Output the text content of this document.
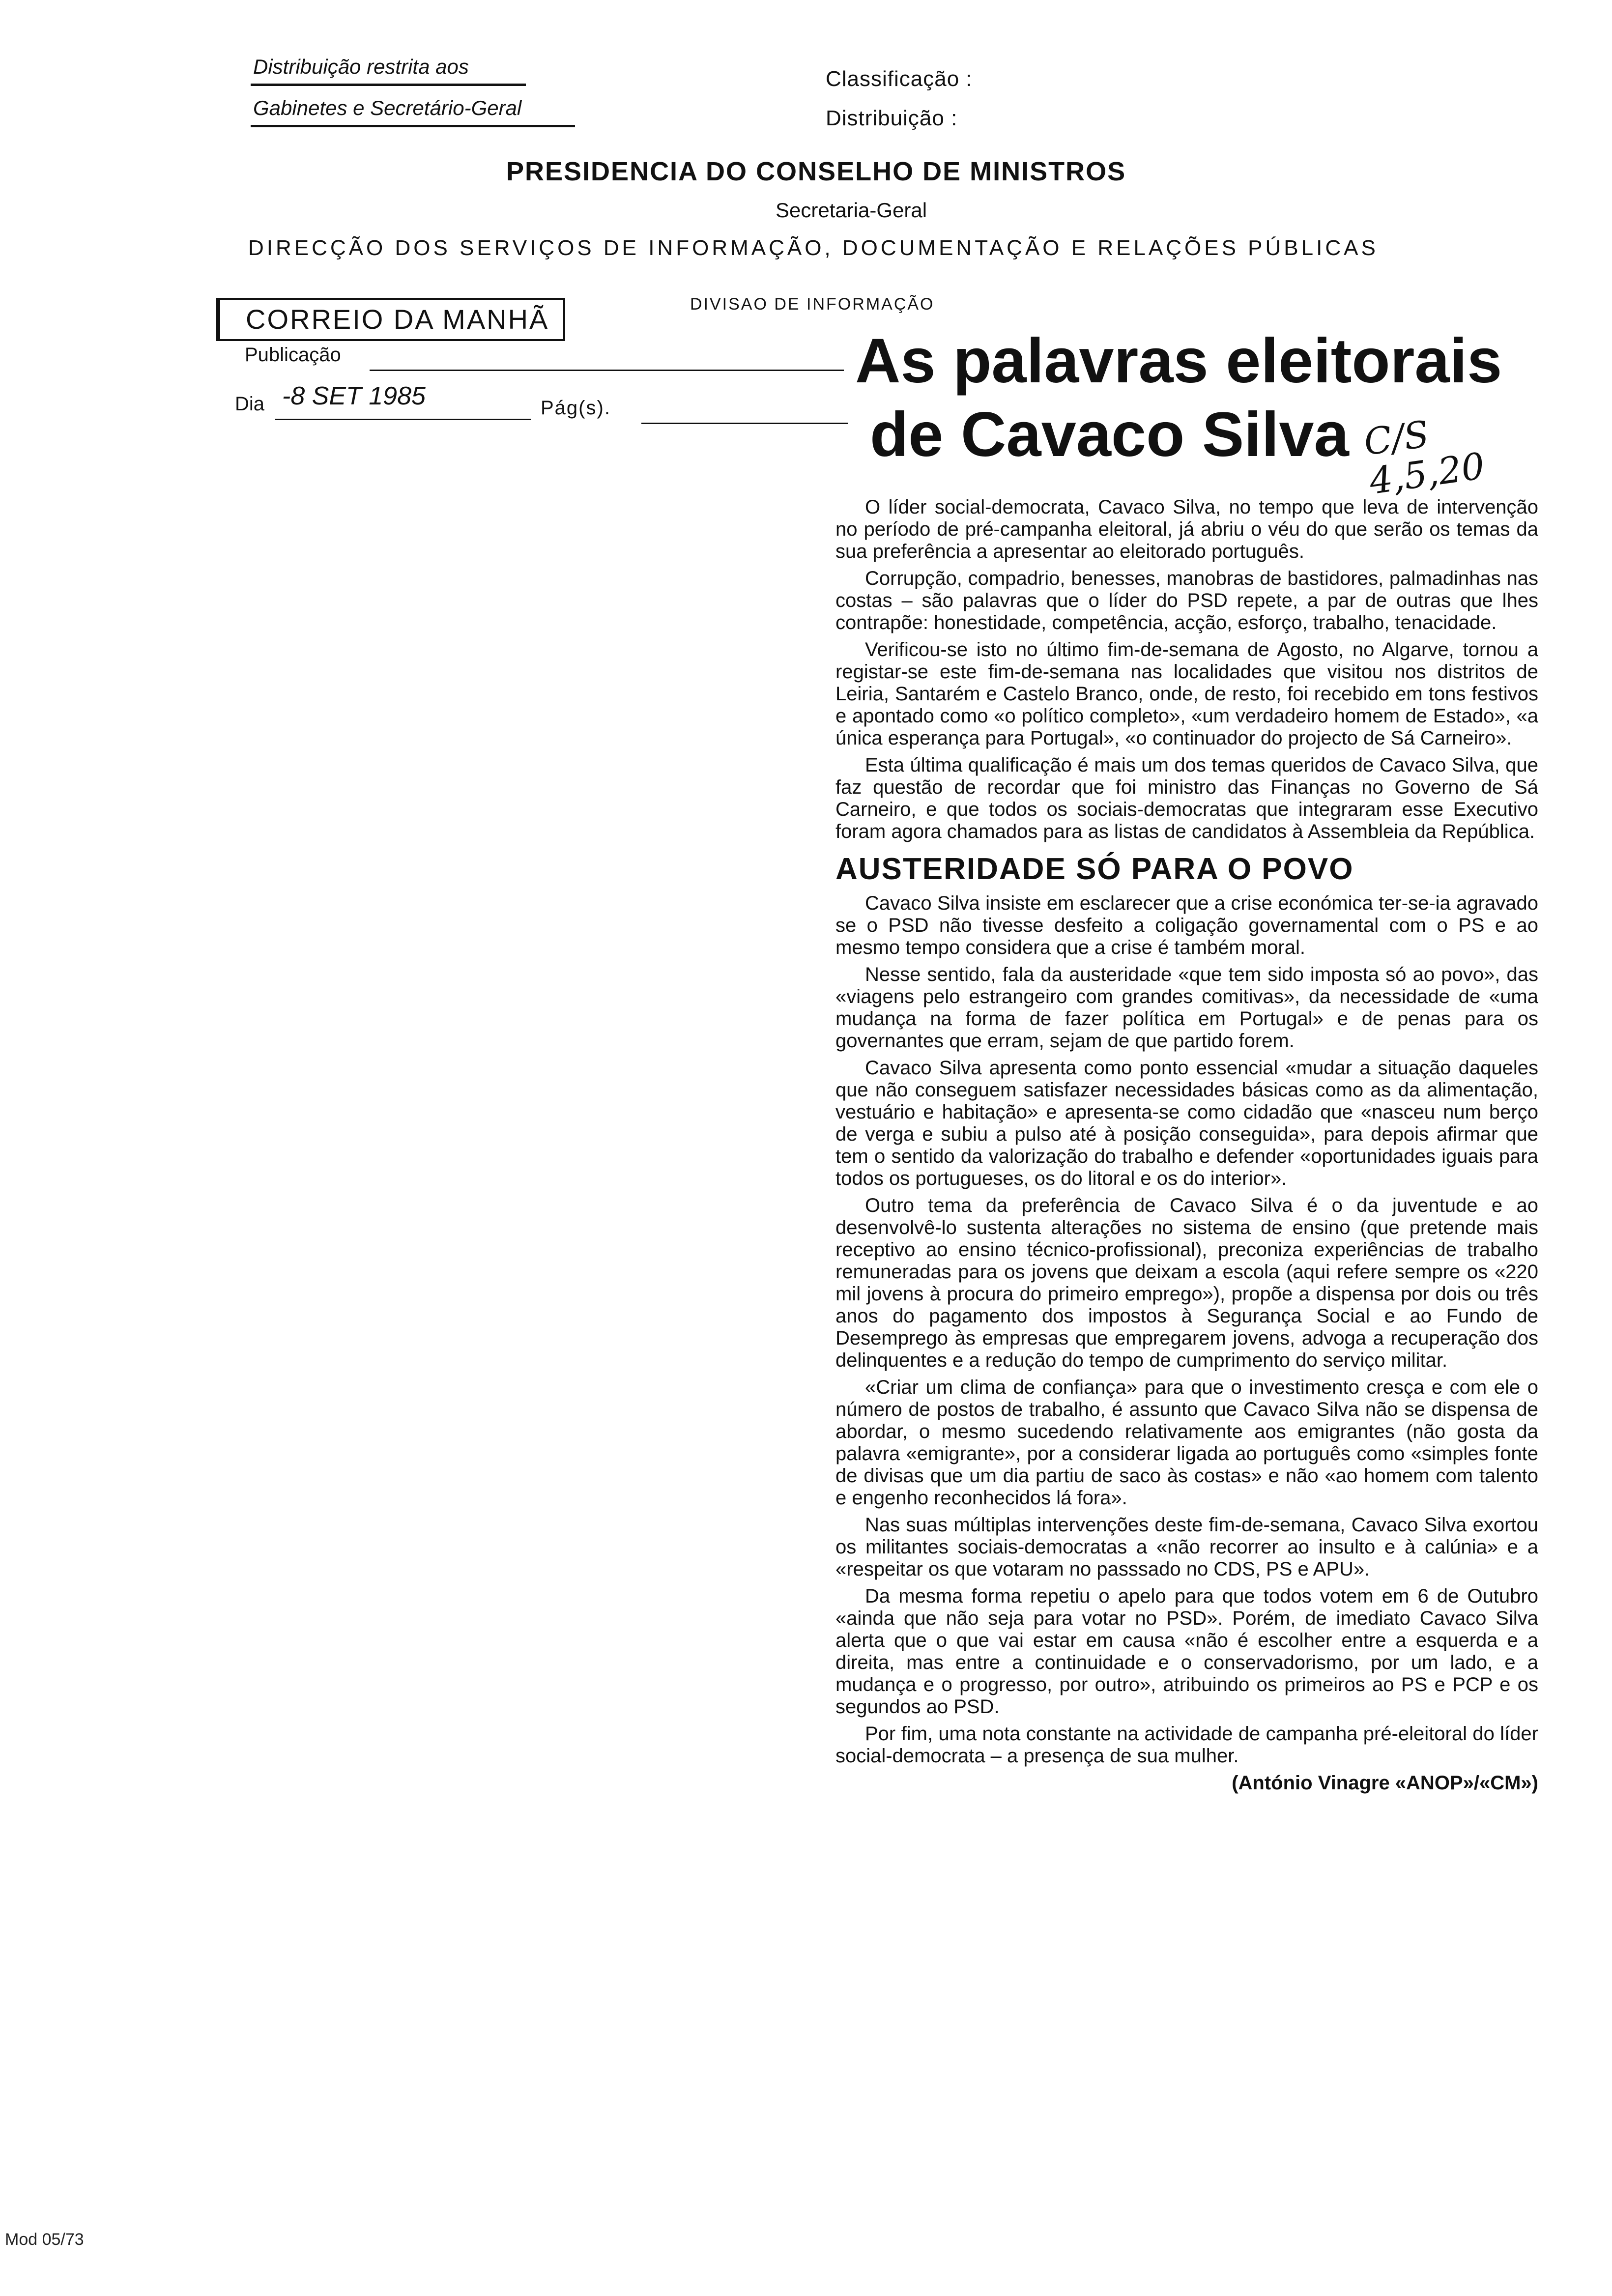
Distribuição restrita aos
Gabinetes e Secretário-Geral
Classificação :
Distribuição :
PRESIDENCIA DO CONSELHO DE MINISTROS
Secretaria-Geral
DIRECÇÃO DOS SERVIÇOS DE INFORMAÇÃO, DOCUMENTAÇÃO E RELAÇÕES PÚBLICAS
DIVISAO DE INFORMAÇÃO
CORREIO DA MANHÃ
Publicação
Dia -8 SET 1985	Pág(s).
C/S 4,5,20
As palavras eleitorais
de Cavaco Silva

O líder social-democrata, Cavaco Silva, no tempo que leva de intervenção no período de pré-campanha eleitoral, já abriu o véu do que serão os temas da sua preferência a apresentar ao eleitorado português.

Corrupção, compadrio, benesses, manobras de bastidores, palmadinhas nas costas – são palavras que o líder do PSD repete, a par de outras que lhes contrapõe: honestidade, competência, acção, esforço, trabalho, tenacidade.

Verificou-se isto no último fim-de-semana de Agosto, no Algarve, tornou a registar-se este fim-de-semana nas localidades que visitou nos distritos de Leiria, Santarém e Castelo Branco, onde, de resto, foi recebido em tons festivos e apontado como «o político completo», «um verdadeiro homem de Estado», «a única esperança para Portugal», «o continuador do projecto de Sá Carneiro».

Esta última qualificação é mais um dos temas queridos de Cavaco Silva, que faz questão de recordar que foi ministro das Finanças no Governo de Sá Carneiro, e que todos os sociais-democratas que integraram esse Executivo foram agora chamados para as listas de candidatos à Assembleia da República.

AUSTERIDADE SÓ PARA O POVO

Cavaco Silva insiste em esclarecer que a crise económica ter-se-ia agravado se o PSD não tivesse desfeito a coligação governamental com o PS e ao mesmo tempo considera que a crise é também moral.

Nesse sentido, fala da austeridade «que tem sido imposta só ao povo», das «viagens pelo estrangeiro com grandes comitivas», da necessidade de «uma mudança na forma de fazer política em Portugal» e de penas para os governantes que erram, sejam de que partido forem.

Cavaco Silva apresenta como ponto essencial «mudar a situação daqueles que não conseguem satisfazer necessidades básicas como as da alimentação, vestuário e habitação» e apresenta-se como cidadão que «nasceu num berço de verga e subiu a pulso até à posição conseguida», para depois afirmar que tem o sentido da valorização do trabalho e defender «oportunidades iguais para todos os portugueses, os do litoral e os do interior».

Outro tema da preferência de Cavaco Silva é o da juventude e ao desenvolvê-lo sustenta alterações no sistema de ensino (que pretende mais receptivo ao ensino técnico-profissional), preconiza experiências de trabalho remuneradas para os jovens que deixam a escola (aqui refere sempre os «220 mil jovens à procura do primeiro emprego»), propõe a dispensa por dois ou três anos do pagamento dos impostos à Segurança Social e ao Fundo de Desemprego às empresas que empregarem jovens, advoga a recuperação dos delinquentes e a redução do tempo de cumprimento do serviço militar.

«Criar um clima de confiança» para que o investimento cresça e com ele o número de postos de trabalho, é assunto que Cavaco Silva não se dispensa de abordar, o mesmo sucedendo relativamente aos emigrantes (não gosta da palavra «emigrante», por a considerar ligada ao português como «simples fonte de divisas que um dia partiu de saco às costas» e não «ao homem com talento e engenho reconhecidos lá fora».

Nas suas múltiplas intervenções deste fim-de-semana, Cavaco Silva exortou os militantes sociais-democratas a «não recorrer ao insulto e à calúnia» e a «respeitar os que votaram no passsado no CDS, PS e APU».

Da mesma forma repetiu o apelo para que todos votem em 6 de Outubro «ainda que não seja para votar no PSD». Porém, de imediato Cavaco Silva alerta que o que vai estar em causa «não é escolher entre a esquerda e a direita, mas entre a continuidade e o conservadorismo, por um lado, e a mudança e o progresso, por outro», atribuindo os primeiros ao PS e PCP e os segundos ao PSD.

Por fim, uma nota constante na actividade de campanha pré-eleitoral do líder social-democrata – a presença de sua mulher.

(António Vinagre «ANOP»/«CM»)
Mod 05/73
